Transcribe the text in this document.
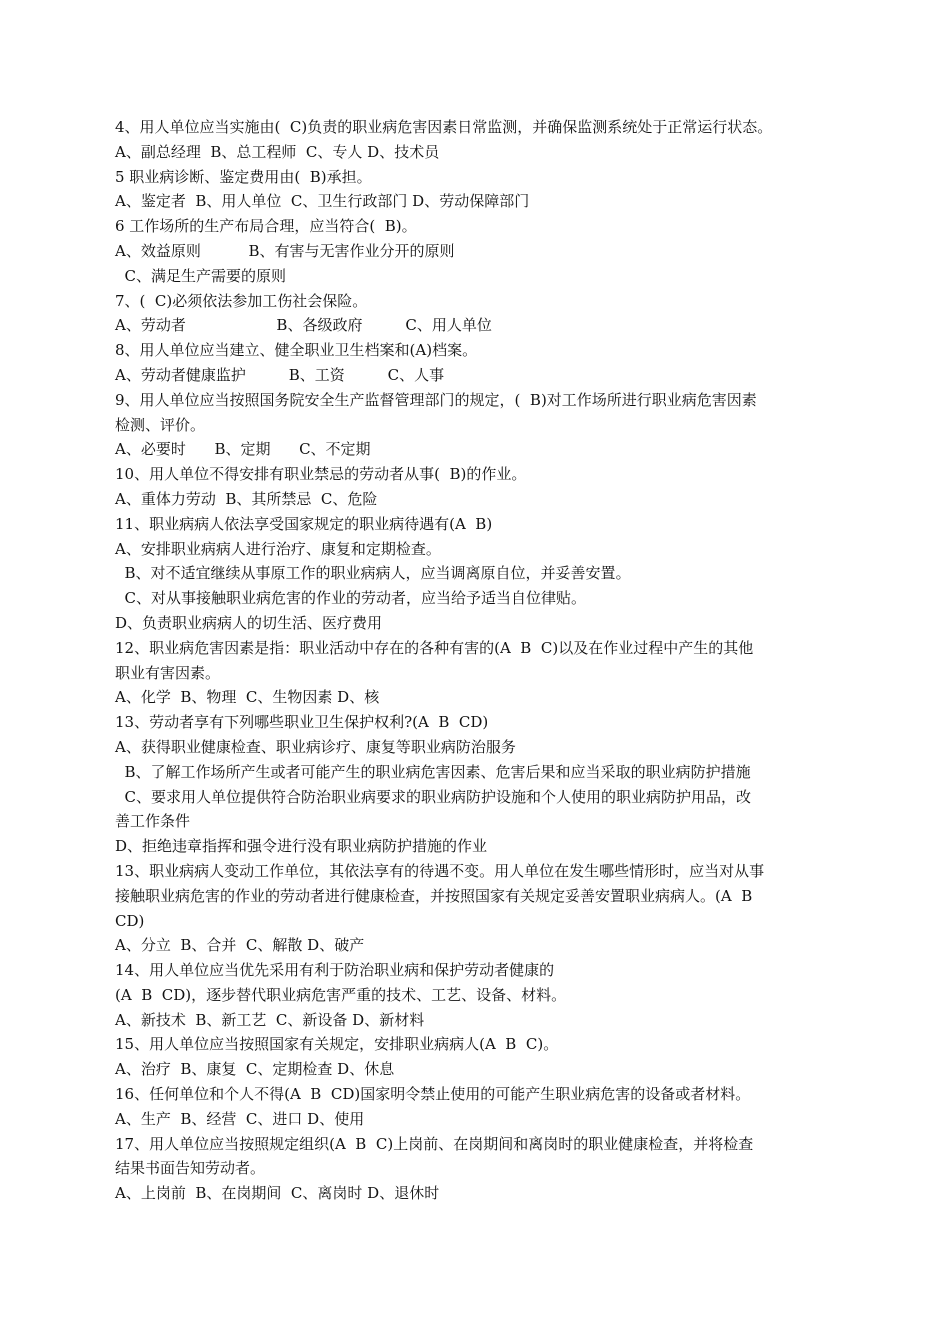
4、用人单位应当实施由(  C)负责的职业病危害因素日常监测，并确保监测系统处于正常运行状态。
A、副总经理  B、总工程师  C、专人 D、技术员
5 职业病诊断、鉴定费用由(  B)承担。
A、鉴定者  B、用人单位  C、卫生行政部门 D、劳动保障部门
6 工作场所的生产布局合理，应当符合(  B)。
A、效益原则          B、有害与无害作业分开的原则
C、满足生产需要的原则
7、(  C)必须依法参加工伤社会保险。
A、劳动者                   B、各级政府         C、用人单位
8、用人单位应当建立、健全职业卫生档案和(A)档案。
A、劳动者健康监护         B、工资         C、人事
9、用人单位应当按照国务院安全生产监督管理部门的规定，(  B)对工作场所进行职业病危害因素
检测、评价。
A、必要时      B、定期      C、不定期
10、用人单位不得安排有职业禁忌的劳动者从事(  B)的作业。
A、重体力劳动  B、其所禁忌  C、危险
11、职业病病人依法享受国家规定的职业病待遇有(A  B)
A、安排职业病病人进行治疗、康复和定期检查。
B、对不适宜继续从事原工作的职业病病人，应当调离原自位，并妥善安置。
C、对从事接触职业病危害的作业的劳动者，应当给予适当自位律贴。
D、负责职业病病人的切生活、医疗费用
12、职业病危害因素是指：职业活动中存在的各种有害的(A  B  C)以及在作业过程中产生的其他
职业有害因素。
A、化学  B、物理  C、生物因素 D、核
13、劳动者享有下列哪些职业卫生保护权利?(A  B  CD)
A、获得职业健康检查、职业病诊疗、康复等职业病防治服务
B、了解工作场所产生或者可能产生的职业病危害因素、危害后果和应当采取的职业病防护措施
C、要求用人单位提供符合防治职业病要求的职业病防护设施和个人使用的职业病防护用品，改
善工作条件
D、拒绝违章指挥和强令进行没有职业病防护措施的作业
13、职业病病人变动工作单位，其依法享有的待遇不变。用人单位在发生哪些情形时，应当对从事
接触职业病危害的作业的劳动者进行健康检查，并按照国家有关规定妥善安置职业病病人。(A  B
CD)
A、分立  B、合并  C、解散 D、破产
14、用人单位应当优先采用有利于防治职业病和保护劳动者健康的
(A  B  CD)，逐步替代职业病危害严重的技术、工艺、设备、材料。
A、新技术  B、新工艺  C、新设备 D、新材料
15、用人单位应当按照国家有关规定，安排职业病病人(A  B  C)。
A、治疗  B、康复  C、定期检查 D、休息
16、任何单位和个人不得(A  B  CD)国家明令禁止使用的可能产生职业病危害的设备或者材料。
A、生产  B、经营  C、进口 D、使用
17、用人单位应当按照规定组织(A  B  C)上岗前、在岗期间和离岗时的职业健康检查，并将检查
结果书面告知劳动者。
A、上岗前  B、在岗期间  C、离岗时 D、退休时
